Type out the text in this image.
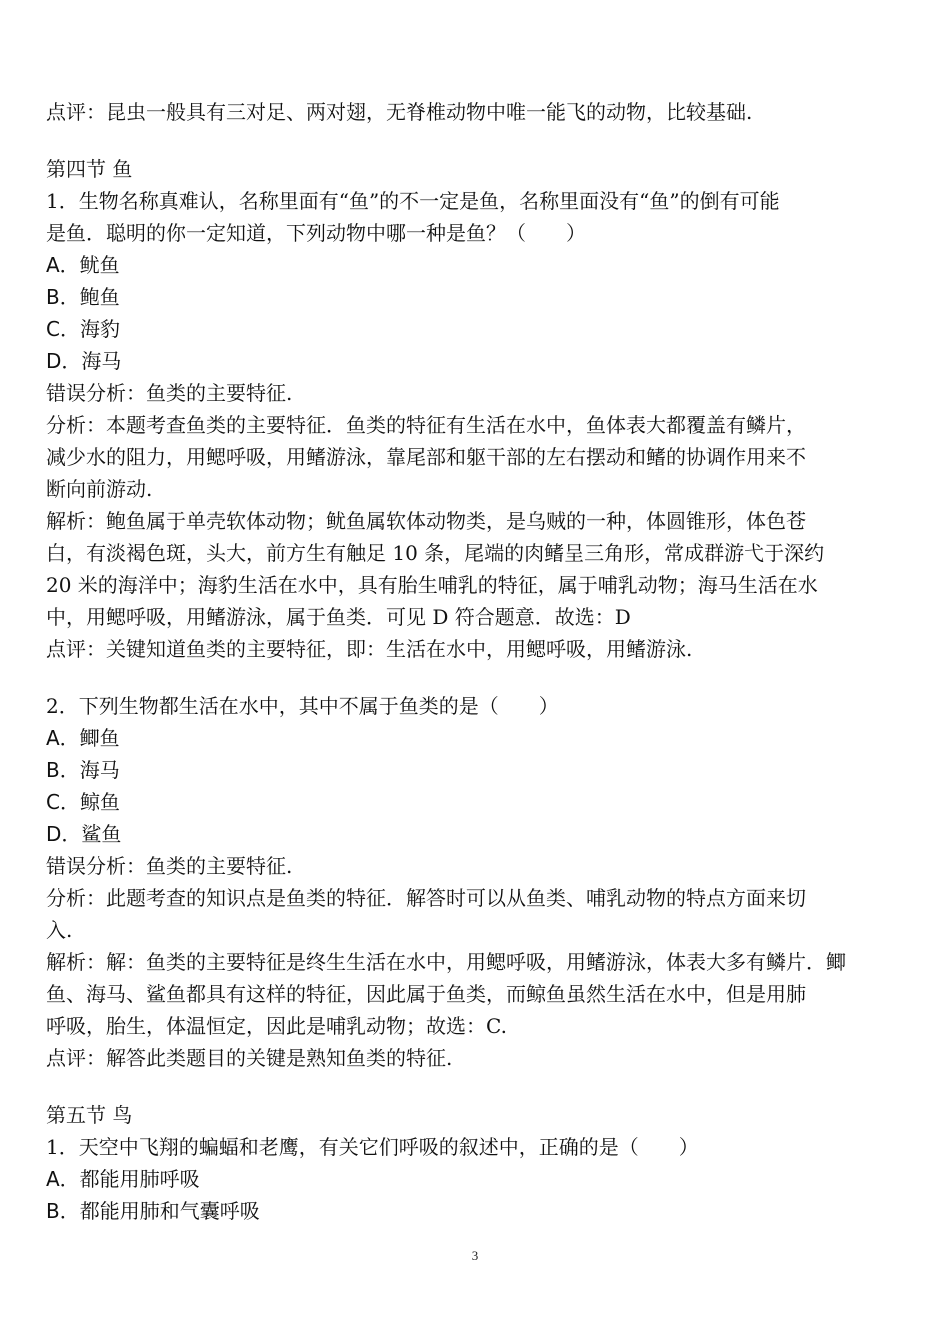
点评：昆虫一般具有三对足、两对翅，无脊椎动物中唯一能飞的动物，比较基础.
第四节 鱼
1．生物名称真难认，名称里面有“鱼”的不一定是鱼，名称里面没有“鱼”的倒有可能
是鱼．聪明的你一定知道，下列动物中哪一种是鱼？（　　）
A．鱿鱼
B．鲍鱼
C．海豹
D．海马
错误分析：鱼类的主要特征.
分析：本题考查鱼类的主要特征．鱼类的特征有生活在水中，鱼体表大都覆盖有鳞片，
减少水的阻力，用鳃呼吸，用鳍游泳，靠尾部和躯干部的左右摆动和鳍的协调作用来不
断向前游动.
解析：鲍鱼属于单壳软体动物；鱿鱼属软体动物类，是乌贼的一种，体圆锥形，体色苍
白，有淡褐色斑，头大，前方生有触足 10 条，尾端的肉鳍呈三角形，常成群游弋于深约
20 米的海洋中；海豹生活在水中，具有胎生哺乳的特征，属于哺乳动物；海马生活在水
中，用鳃呼吸，用鳍游泳，属于鱼类．可见 D 符合题意．故选：D
点评：关键知道鱼类的主要特征，即：生活在水中，用鳃呼吸，用鳍游泳.
2．下列生物都生活在水中，其中不属于鱼类的是（　　）
A．鲫鱼
B．海马
C．鲸鱼
D．鲨鱼
错误分析：鱼类的主要特征.
分析：此题考查的知识点是鱼类的特征．解答时可以从鱼类、哺乳动物的特点方面来切
入.
解析：解：鱼类的主要特征是终生生活在水中，用鳃呼吸，用鳍游泳，体表大多有鳞片．鲫
鱼、海马、鲨鱼都具有这样的特征，因此属于鱼类，而鲸鱼虽然生活在水中，但是用肺
呼吸，胎生，体温恒定，因此是哺乳动物；故选：C.
点评：解答此类题目的关键是熟知鱼类的特征.
第五节 鸟
1．天空中飞翔的蝙蝠和老鹰，有关它们呼吸的叙述中，正确的是（　　）
A．都能用肺呼吸
B．都能用肺和气囊呼吸
3
